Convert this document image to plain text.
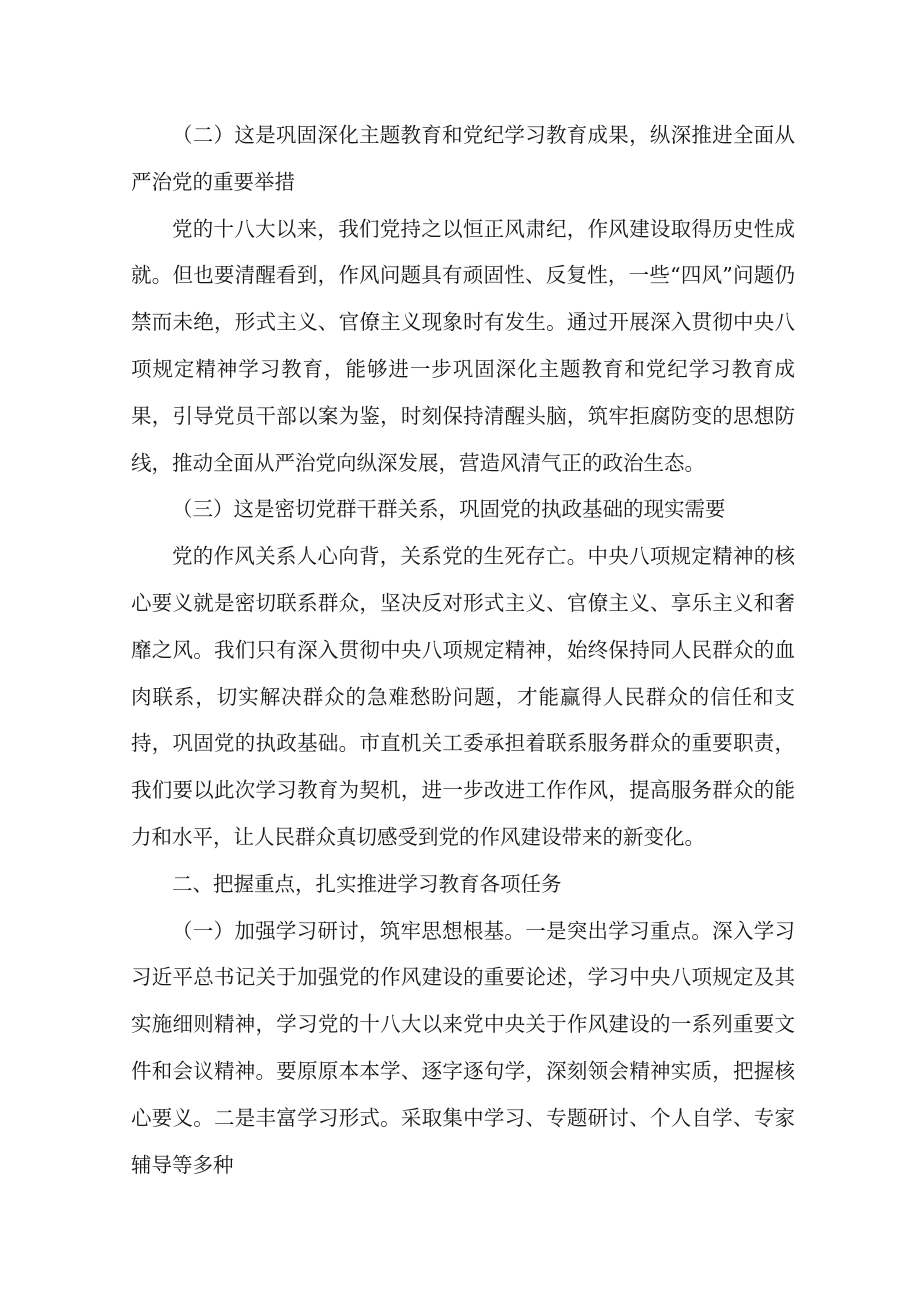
（二）这是巩固深化主题教育和党纪学习教育成果，纵深推进全面从严治党的重要举措

党的十八大以来，我们党持之以恒正风肃纪，作风建设取得历史性成就。但也要清醒看到，作风问题具有顽固性、反复性，一些“四风”问题仍禁而未绝，形式主义、官僚主义现象时有发生。通过开展深入贯彻中央八项规定精神学习教育，能够进一步巩固深化主题教育和党纪学习教育成果，引导党员干部以案为鉴，时刻保持清醒头脑，筑牢拒腐防变的思想防线，推动全面从严治党向纵深发展，营造风清气正的政治生态。

（三）这是密切党群干群关系，巩固党的执政基础的现实需要

党的作风关系人心向背，关系党的生死存亡。中央八项规定精神的核心要义就是密切联系群众，坚决反对形式主义、官僚主义、享乐主义和奢靡之风。我们只有深入贯彻中央八项规定精神，始终保持同人民群众的血肉联系，切实解决群众的急难愁盼问题，才能赢得人民群众的信任和支持，巩固党的执政基础。市直机关工委承担着联系服务群众的重要职责，我们要以此次学习教育为契机，进一步改进工作作风，提高服务群众的能力和水平，让人民群众真切感受到党的作风建设带来的新变化。

二、把握重点，扎实推进学习教育各项任务

（一）加强学习研讨，筑牢思想根基。一是突出学习重点。深入学习习近平总书记关于加强党的作风建设的重要论述，学习中央八项规定及其实施细则精神，学习党的十八大以来党中央关于作风建设的一系列重要文件和会议精神。要原原本本学、逐字逐句学，深刻领会精神实质，把握核心要义。二是丰富学习形式。采取集中学习、专题研讨、个人自学、专家辅导等多种
